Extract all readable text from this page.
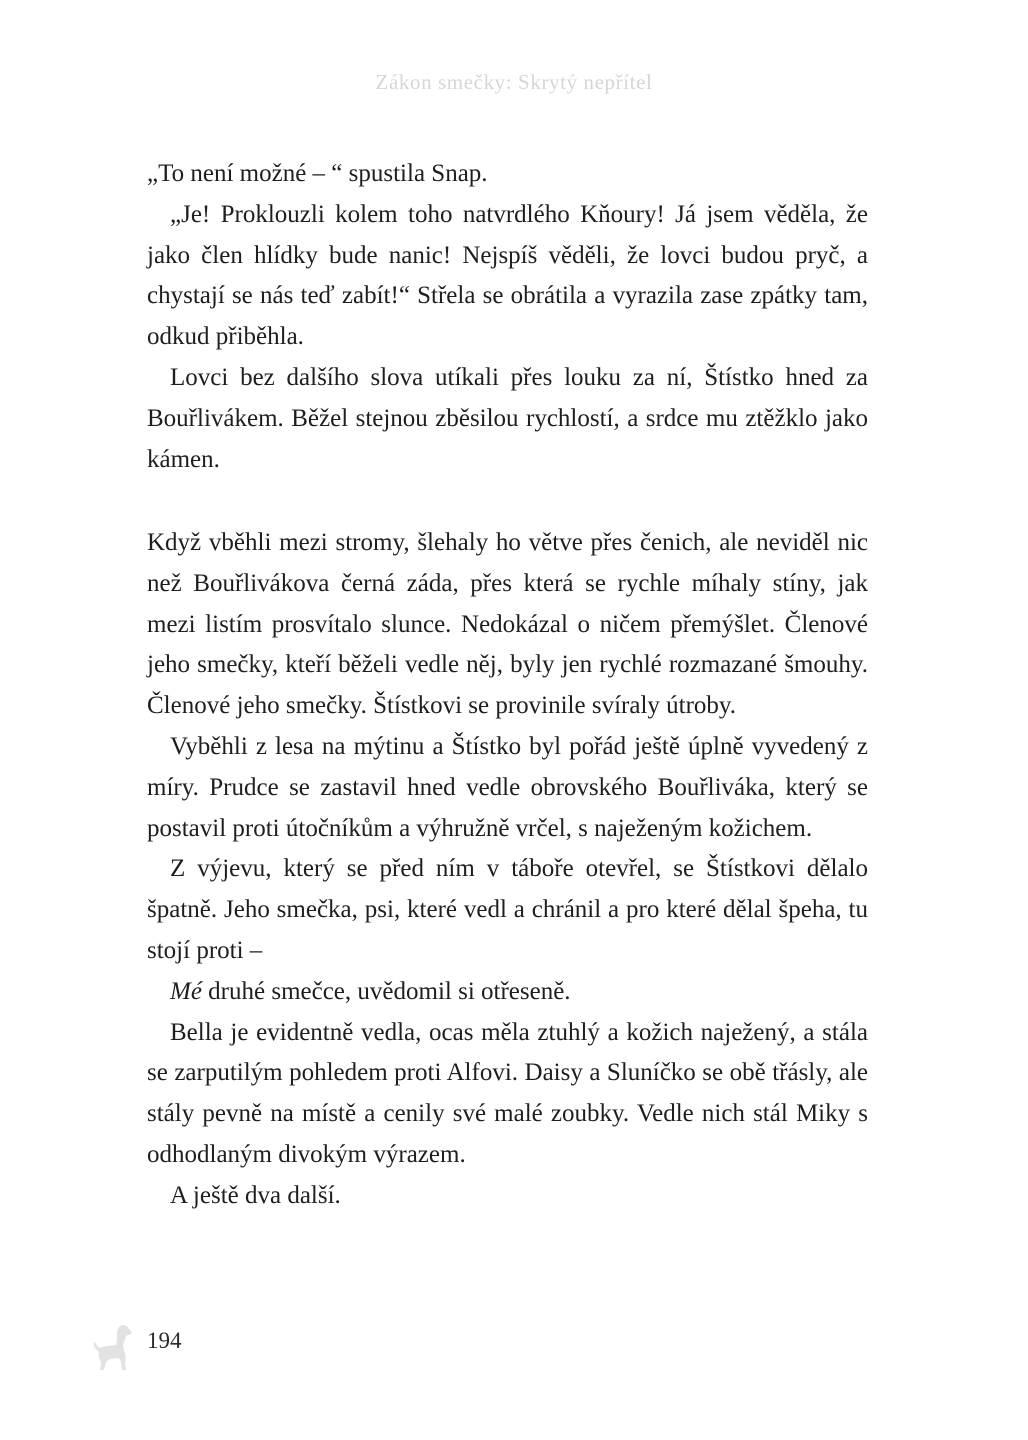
Zákon smečky: Skrytý nepřítel

„To není možné – “ spustila Snap.

„Je! Proklouzli kolem toho natvrdlého Kňoury! Já jsem věděla, že jako člen hlídky bude nanic! Nejspíš věděli, že lovci budou pryč, a chystají se nás teď zabít!“ Střela se obrátila a vyrazila zase zpátky tam, odkud přiběhla.

Lovci bez dalšího slova utíkali přes louku za ní, Štístko hned za Bouřlivákem. Běžel stejnou zběsilou rychlostí, a srdce mu ztěžklo jako kámen.

Když vběhli mezi stromy, šlehaly ho větve přes čenich, ale neviděl nic než Bouřlivákova černá záda, přes která se rychle míhaly stíny, jak mezi listím prosvítalo slunce. Nedokázal o ničem přemýšlet. Členové jeho smečky, kteří běželi vedle něj, byly jen rychlé rozmazané šmouhy. Členové jeho smečky. Štístkovi se provinile svíraly útroby.

Vyběhli z lesa na mýtinu a Štístko byl pořád ještě úplně vyvedený z míry. Prudce se zastavil hned vedle obrovského Bouřliváka, který se postavil proti útočníkům a výhružně vrčel, s naježeným kožichem.

Z výjevu, který se před ním v táboře otevřel, se Štístkovi dělalo špatně. Jeho smečka, psi, které vedl a chránil a pro které dělal špeha, tu stojí proti –

Mé druhé smečce, uvědomil si otřeseně.

Bella je evidentně vedla, ocas měla ztuhlý a kožich naježený, a stála se zarputilým pohledem proti Alfovi. Daisy a Sluníčko se obě třásly, ale stály pevně na místě a cenily své malé zoubky. Vedle nich stál Miky s odhodlaným divokým výrazem.

A ještě dva další.

194
